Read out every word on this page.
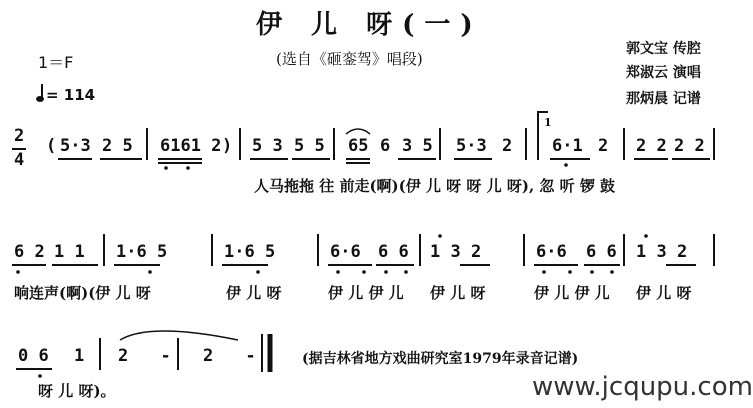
伊 儿 呀(一)
(选自《砸銮驾》唱段)
1＝F
= 114
郭文宝 传腔
郑淑云 演唱
那炳晨 记谱
2
4
( 5·3 2 5 6161 2 ) 5 3 5 5 65 6 3 5 5·3 2
1
6·1 2 2 2 2 2
人马拖拖 往 前走(啊)(伊 儿 呀 呀 儿 呀), 忽 听 锣 鼓
6 2 1 1 1·6 5	1·6 5	6·6 6 6 1 3 2	6·6 6 6 1 3 2
响连声(啊)(伊 儿 呀	伊 儿 呀	伊 儿 伊 儿 伊 儿 呀	伊 儿 伊 儿 伊 儿 呀
0 6 1 2 - 2 -
呀 儿 呀)。
(据吉林省地方戏曲研究室1979年录音记谱)
www.jcqupu.com
